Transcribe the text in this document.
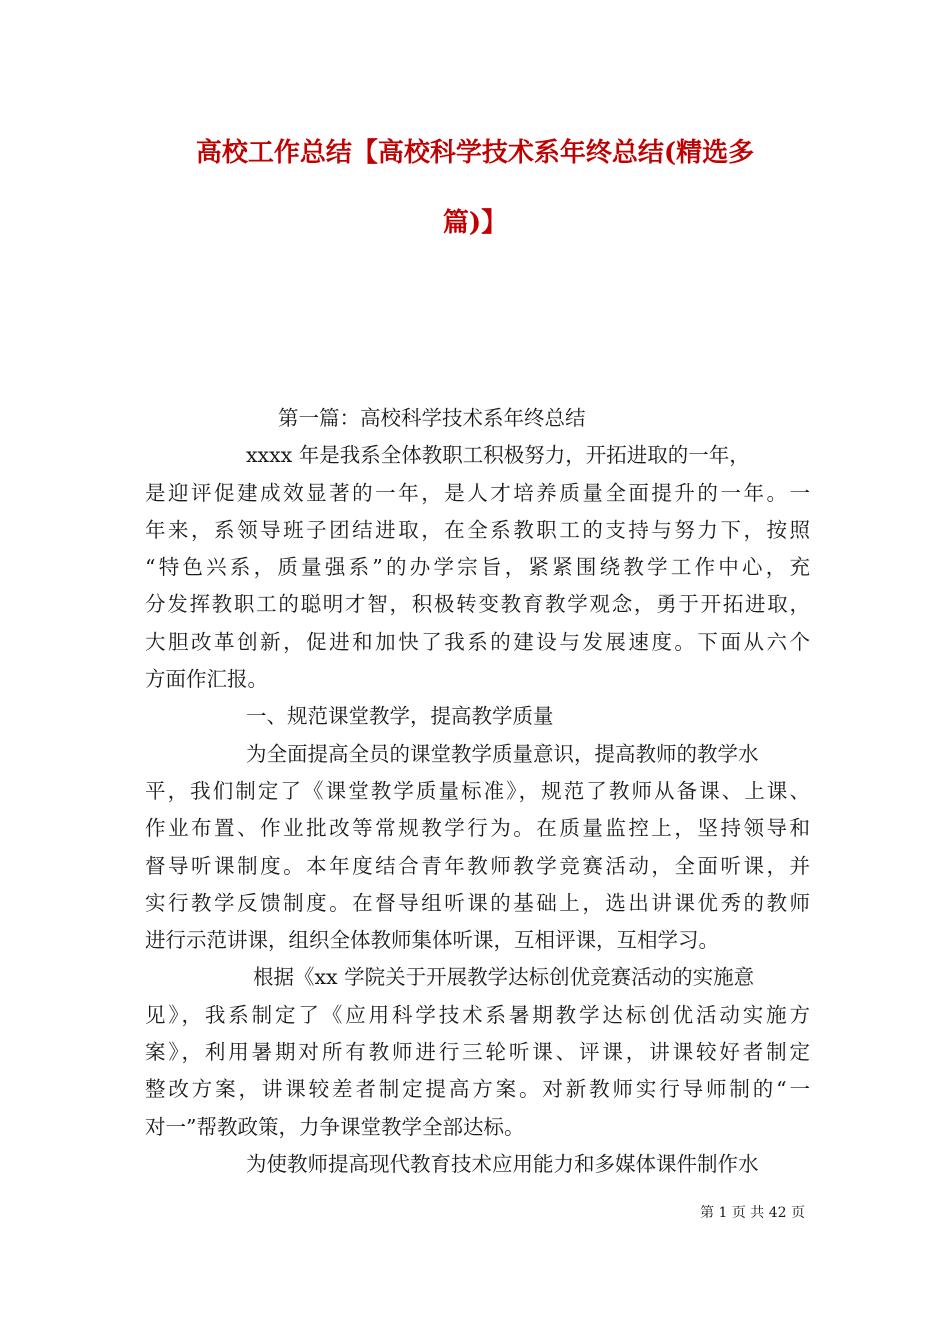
高校工作总结【高校科学技术系年终总结(精选多
篇)】
第一篇：高校科学技术系年终总结
xxxx 年是我系全体教职工积极努力，开拓进取的一年，
是迎评促建成效显著的一年，是人才培养质量全面提升的一年。一
年来，系领导班子团结进取，在全系教职工的支持与努力下，按照
“特色兴系，质量强系”的办学宗旨，紧紧围绕教学工作中心，充
分发挥教职工的聪明才智，积极转变教育教学观念，勇于开拓进取，
大胆改革创新，促进和加快了我系的建设与发展速度。下面从六个
方面作汇报。
一、规范课堂教学，提高教学质量
为全面提高全员的课堂教学质量意识，提高教师的教学水
平，我们制定了《课堂教学质量标准》，规范了教师从备课、上课、
作业布置、作业批改等常规教学行为。在质量监控上，坚持领导和
督导听课制度。本年度结合青年教师教学竞赛活动，全面听课，并
实行教学反馈制度。在督导组听课的基础上，选出讲课优秀的教师
进行示范讲课，组织全体教师集体听课，互相评课，互相学习。
根据《xx 学院关于开展教学达标创优竞赛活动的实施意
见》，我系制定了《应用科学技术系暑期教学达标创优活动实施方
案》，利用暑期对所有教师进行三轮听课、评课，讲课较好者制定
整改方案，讲课较差者制定提高方案。对新教师实行导师制的“一
对一”帮教政策，力争课堂教学全部达标。
为使教师提高现代教育技术应用能力和多媒体课件制作水
第 1 页 共 42 页
